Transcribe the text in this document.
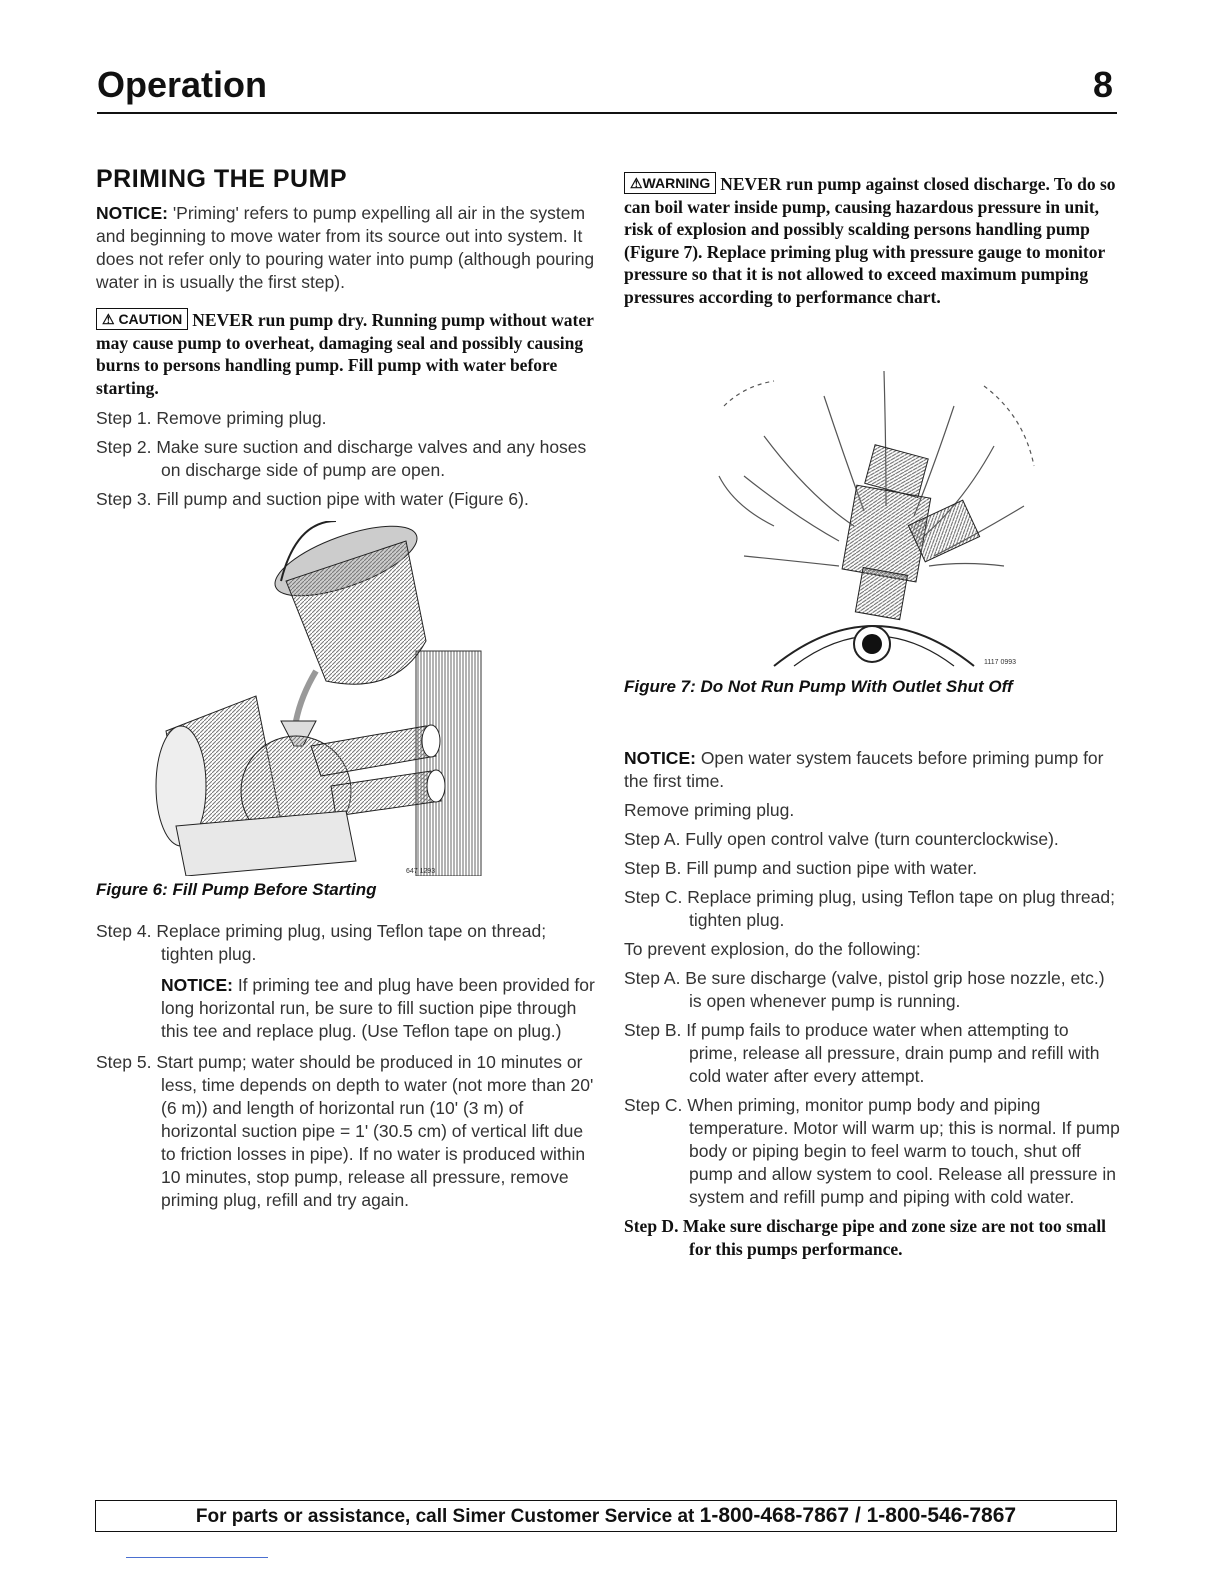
Operation	8
PRIMING THE PUMP

NOTICE: 'Priming' refers to pump expelling all air in the system and beginning to move water from its source out into system. It does not refer only to pouring water into pump (although pouring water in is usually the first step).

⚠ CAUTION NEVER run pump dry. Running pump without water may cause pump to overheat, damaging seal and possibly causing burns to persons handling pump. Fill pump with water before starting.

Step 1. Remove priming plug.

Step 2. Make sure suction and discharge valves and any hoses on discharge side of pump are open.

Step 3. Fill pump and suction pipe with water (Figure 6).

647 1293
Figure 6: Fill Pump Before Starting

Step 4. Replace priming plug, using Teflon tape on thread; tighten plug.

NOTICE: If priming tee and plug have been provided for long horizontal run, be sure to fill suction pipe through this tee and replace plug. (Use Teflon tape on plug.)

Step 5. Start pump; water should be produced in 10 minutes or less, time depends on depth to water (not more than 20' (6 m)) and length of horizontal run (10' (3 m) of horizontal suction pipe = 1' (30.5 cm) of vertical lift due to friction losses in pipe). If no water is produced within 10 minutes, stop pump, release all pressure, remove priming plug, refill and try again.

⚠WARNING NEVER run pump against closed discharge. To do so can boil water inside pump, causing hazardous pressure in unit, risk of explosion and possibly scalding persons handling pump (Figure 7). Replace priming plug with pressure gauge to monitor pressure so that it is not allowed to exceed maximum pumping pressures according to performance chart.

1117 0993
Figure 7: Do Not Run Pump With Outlet Shut Off

NOTICE: Open water system faucets before priming pump for the first time.

Remove priming plug.

Step A. Fully open control valve (turn counterclockwise).

Step B. Fill pump and suction pipe with water.

Step C. Replace priming plug, using Teflon tape on plug thread; tighten plug.

To prevent explosion, do the following:

Step A. Be sure discharge (valve, pistol grip hose nozzle, etc.) is open whenever pump is running.

Step B. If pump fails to produce water when attempting to prime, release all pressure, drain pump and refill with cold water after every attempt.

Step C. When priming, monitor pump body and piping temperature. Motor will warm up; this is normal. If pump body or piping begin to feel warm to touch, shut off pump and allow system to cool. Release all pressure in system and refill pump and piping with cold water.

Step D. Make sure discharge pipe and zone size are not too small for this pumps performance.

For parts or assistance, call Simer Customer Service at 1-800-468-7867 / 1-800-546-7867
